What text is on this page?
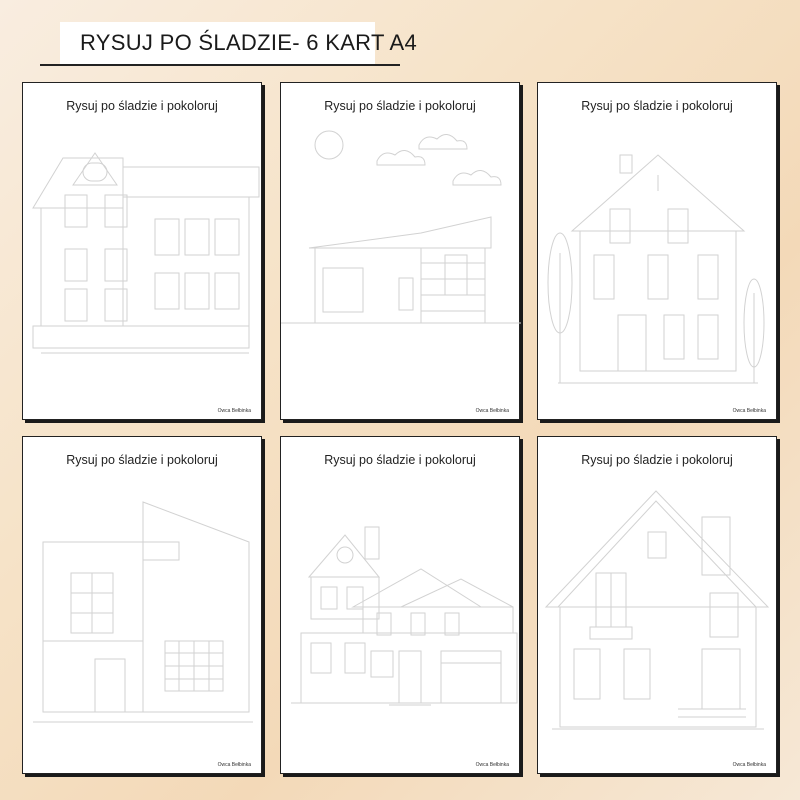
RYSUJ PO ŚLADZIE- 6 KART A4
Rysuj po śladzie i pokoloruj
Owca Bełbinka
Rysuj po śladzie i pokoloruj
Owca Bełbinka
Rysuj po śladzie i pokoloruj
Owca Bełbinka
Rysuj po śladzie i pokoloruj
Owca Bełbinka
Rysuj po śladzie i pokoloruj
Owca Bełbinka
Rysuj po śladzie i pokoloruj
Owca Bełbinka
